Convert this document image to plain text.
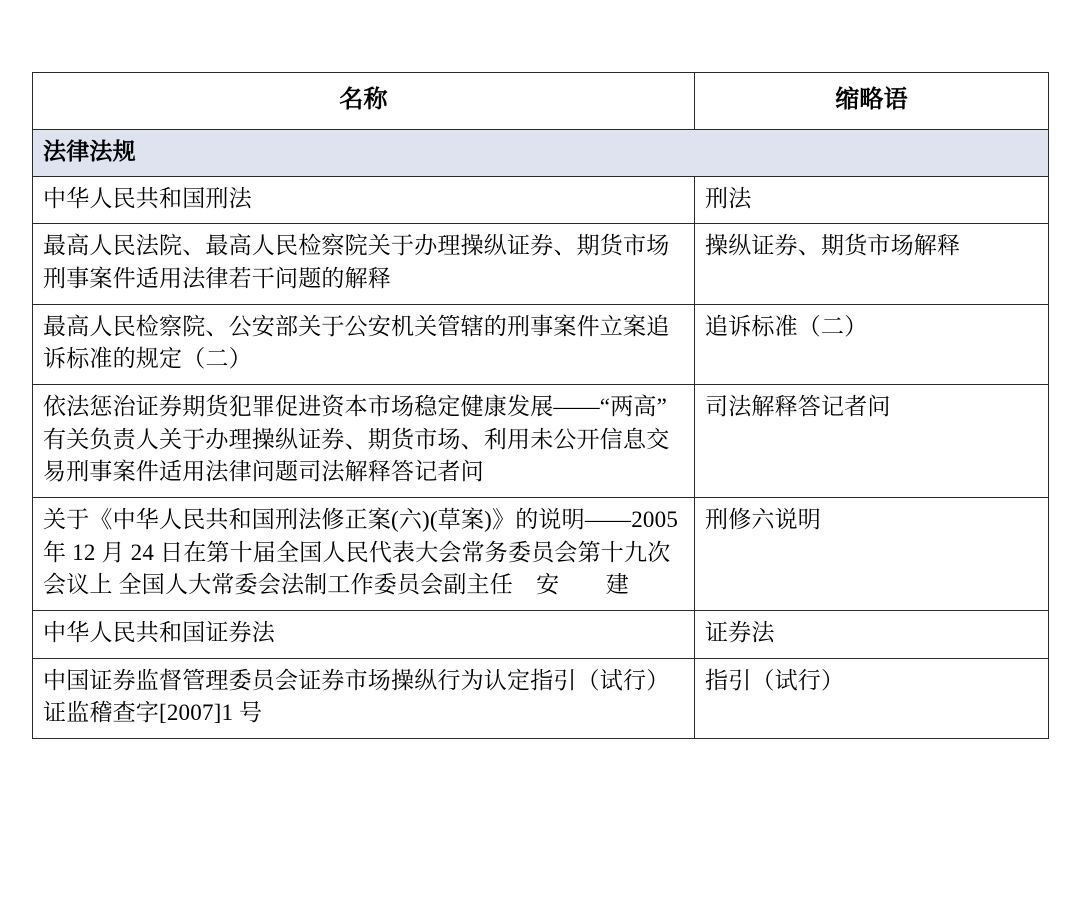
名称	缩略语
法律法规	
中华人民共和国刑法	刑法
最高人民法院、最高人民检察院关于办理操纵证券、期货市场刑事案件适用法律若干问题的解释	操纵证券、期货市场解释
最高人民检察院、公安部关于公安机关管辖的刑事案件立案追诉标准的规定（二）	追诉标准（二）
依法惩治证券期货犯罪促进资本市场稳定健康发展——“两高”有关负责人关于办理操纵证券、期货市场、利用未公开信息交易刑事案件适用法律问题司法解释答记者问	司法解释答记者问
关于《中华人民共和国刑法修正案(六)(草案)》的说明——2005 年 12 月 24 日在第十届全国人民代表大会常务委员会第十九次会议上 全国人大常委会法制工作委员会副主任　安　　建	刑修六说明
中华人民共和国证券法	证券法
中国证券监督管理委员会证券市场操纵行为认定指引（试行） 证监稽查字[2007]1 号	指引（试行）
